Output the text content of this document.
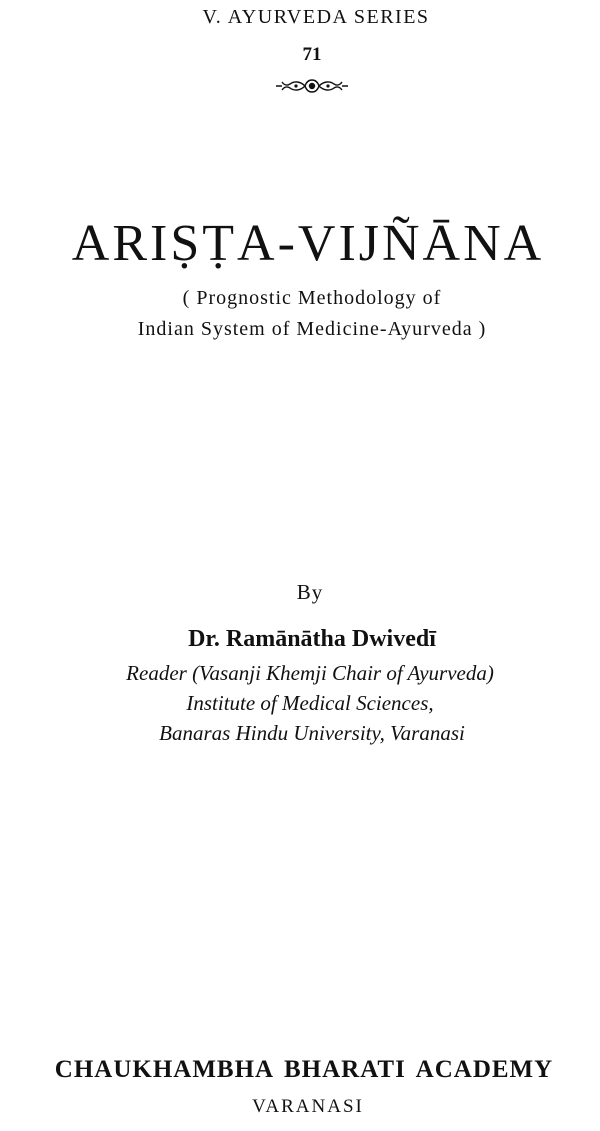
V. AYURVEDA SERIES
71
ARIṢṬA-VIJÑĀNA
( Prognostic Methodology of
Indian System of Medicine-Ayurveda )
By
Dr. Ramānātha Dwivedī
Reader (Vasanji Khemji Chair of Ayurveda)
Institute of Medical Sciences,
Banaras Hindu University, Varanasi
CHAUKHAMBHA BHARATI ACADEMY
VARANASI
